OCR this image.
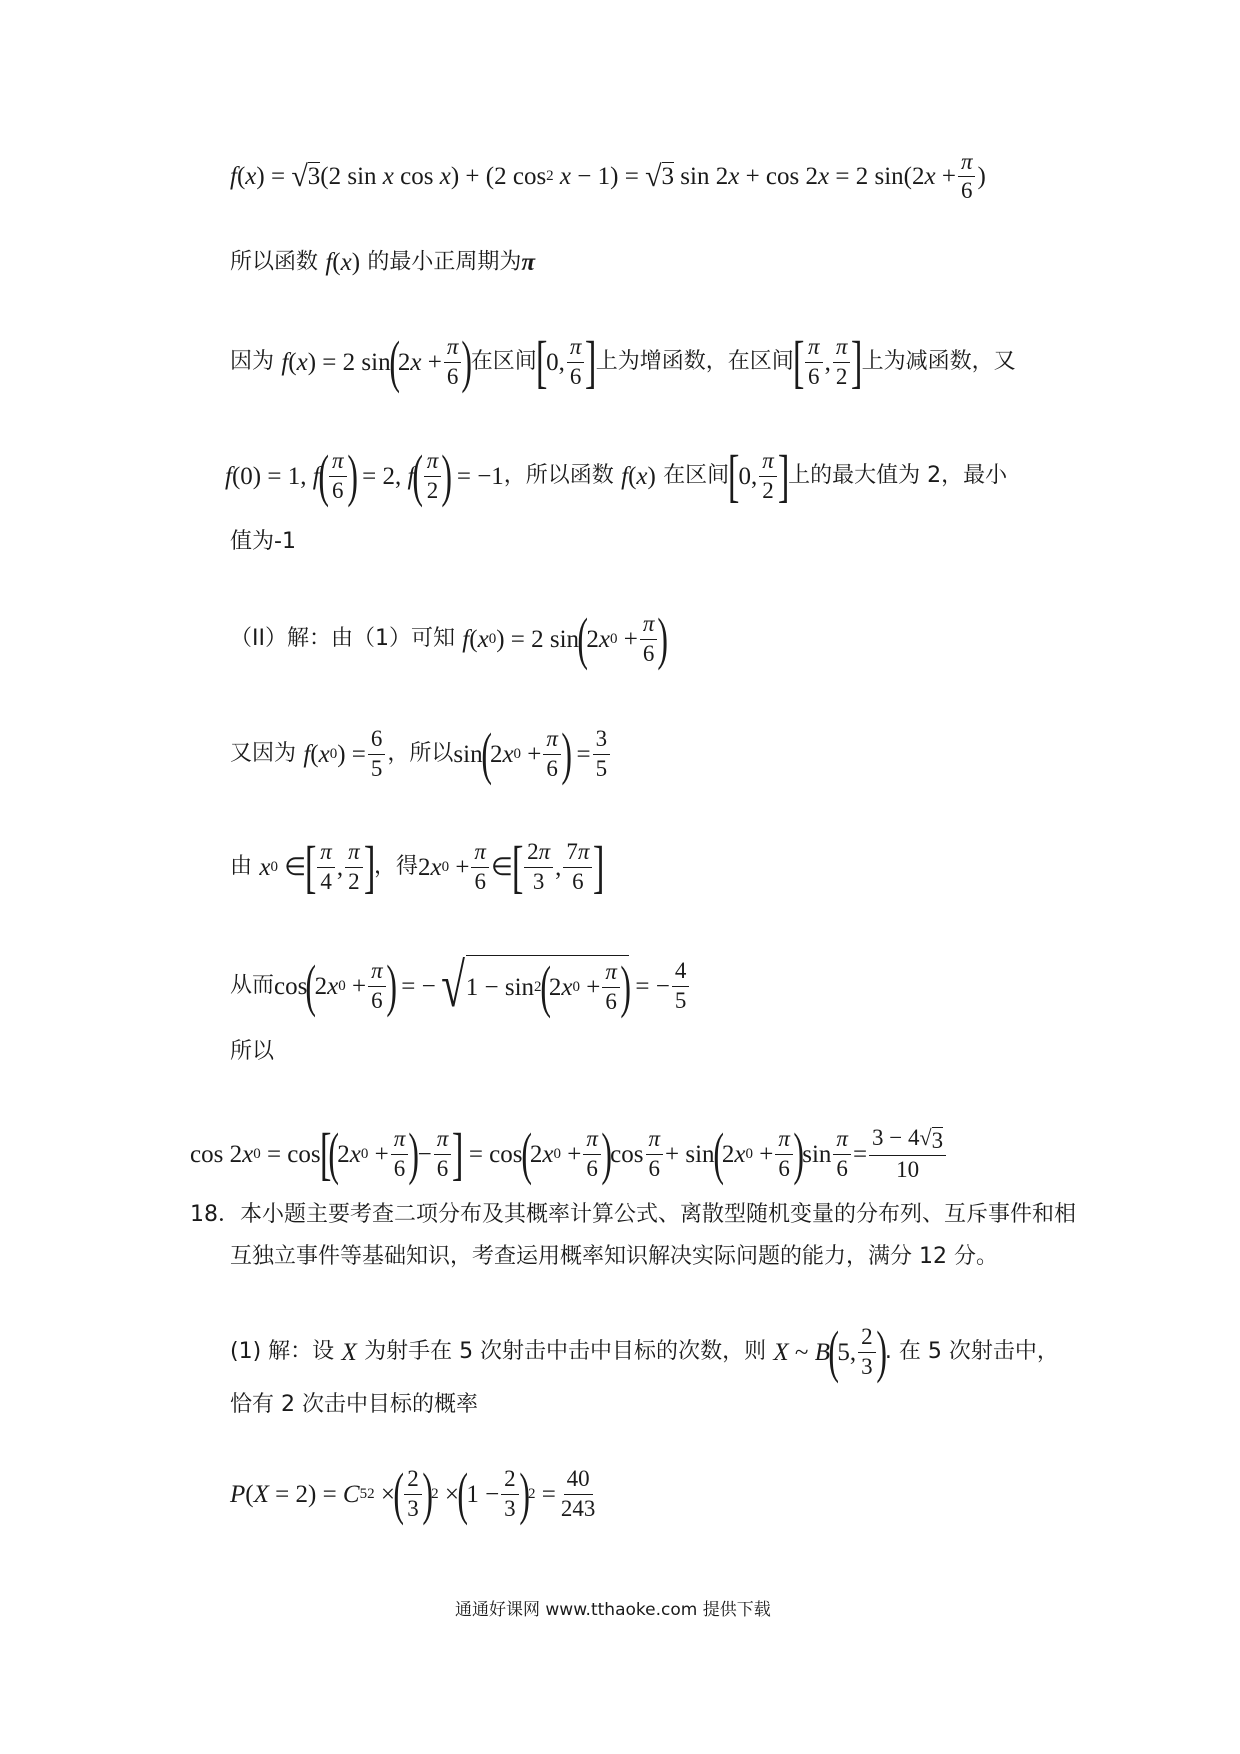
f ( x ) = √ 3 (2 sin x cos x ) + (2 cos 2
x − 1) = √ 3 sin 2 x + cos 2 x = 2 sin(2 $x + \frac{\pi}{6}$ )
所以函数 f ( x ) 的最小正周期为π
因为 f ( x ) = 2 sin
(
2 $x + \frac{\pi}{6}$ )
在区间
[
0, $\frac{\pi}{6}$ ]
上为增函数，在区间
[ $\frac{\pi}{6}$ , $\frac{\pi}{2}$ ]
上为减函数，又
f (0) = 1, f
( $\frac{\pi}{6}$ )
= 2, f
( $\frac{\pi}{2}$ )
= −1，所以函数 f ( x ) 在区间
[
0, $\frac{\pi}{2}$ ]
上的最大值为 2，最小
值为-1
（II）解：由（1）可知 f ( x 0 ) = 2 sin
(
2 x $0 + \frac{\pi}{6}$ )
又因为 f ( x 0 ) = $\frac{6}{5}$ ，所以sin
(
2 x $0 + \frac{\pi}{6}$ )
= $\frac{3}{5}$
由 x 0 ∈
[ $\frac{\pi}{4}$ , $\frac{\pi}{2}$ ]
，得2 x $0 + \frac{\pi}{6}$ ∈
[ $\frac{2\pi}{3}$ , $\frac{7\pi}{6}$ ]
从而cos
(
2 x $0 + \frac{\pi}{6}$ )
= − √ 1 − sin 2
(
2 x $0 + \frac{\pi}{6}$ )
= − $\frac{4}{5}$
所以
cos 2 x 0 = cos
[
(
2 x $0 + \frac{\pi}{6}$ )
− $\frac{\pi}{6}$ ]
= cos
(
2 x $0 + \frac{\pi}{6}$ )
$\cos \frac{\pi}{6} + \sin$
(
2 x $0 + \frac{\pi}{6}$ )
$\sin \frac{\pi}{6} = \frac{3 - 4 √ 3}{10}$
18．本小题主要考查二项分布及其概率计算公式、离散型随机变量的分布列、互斥事件和相
互独立事件等基础知识，考查运用概率知识解决实际问题的能力，满分 12 分。
(1) 解：设 X 为射手在 5 次射击中击中目标的次数，则 X ~ B
(
5, $\frac{2}{3}$ )
. 在 5 次射击中，
恰有 2 次击中目标的概率
P ( X = 2) = C 5 2 ×
( $\frac{2}{3}$ )
2 ×
(
$1 - \frac{2}{3}$ )
$2 = \frac{40}{243}$
通通好课网 www.tthaoke.com 提供下载
